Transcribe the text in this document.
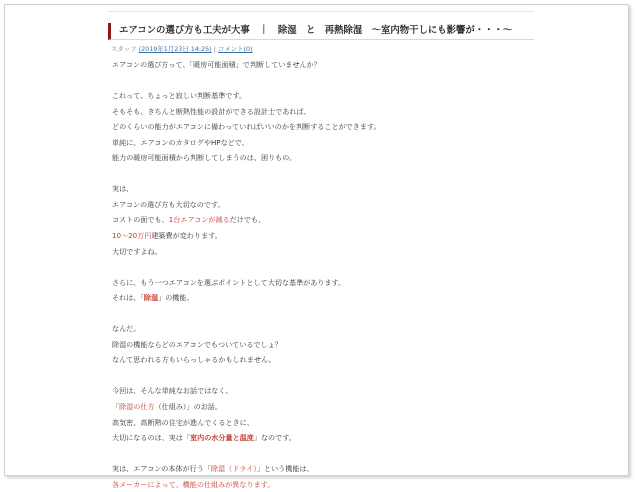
エアコンの選び方も工夫が大事　｜　除湿　と　再熱除湿　～室内物干しにも影響が・・・～
スタッフ (2019年1月23日 14:25) | コメント(0)
エアコンの選び方って、「暖房可能面積」で判断していませんか？
これって、ちょっと寂しい判断基準です。
そもそも、きちんと断熱性能の設計ができる設計士であれば、
どのくらいの能力がエアコンに備わっていればいいのかを判断することができます。
単純に、エアコンのカタログやHPなどで、
能力の暖房可能面積から判断してしまうのは、困りもの。
実は、
エアコンの選び方も大切なのです。
コストの面でも、1台エアコンが減るだけでも、
10～20万円建築費が変わります。
大切ですよね。
さらに、もう一つエアコンを選ぶポイントとして大切な基準があります。
それは、「除湿」の機能。
なんだ。
除湿の機能ならどのエアコンでもついているでしょ？
なんて思われる方もいらっしゃるかもしれません。
今回は、そんな単純なお話ではなく、
「除湿の仕方（仕組み）」のお話。
高気密、高断熱の住宅が進んでくるときに、
大切になるのは、実は「室内の水分量と温度」なのです。
実は、エアコンの本体が行う「除湿（ドライ）」という機能は、
各メーカーによって、機能の仕組みが異なります。
